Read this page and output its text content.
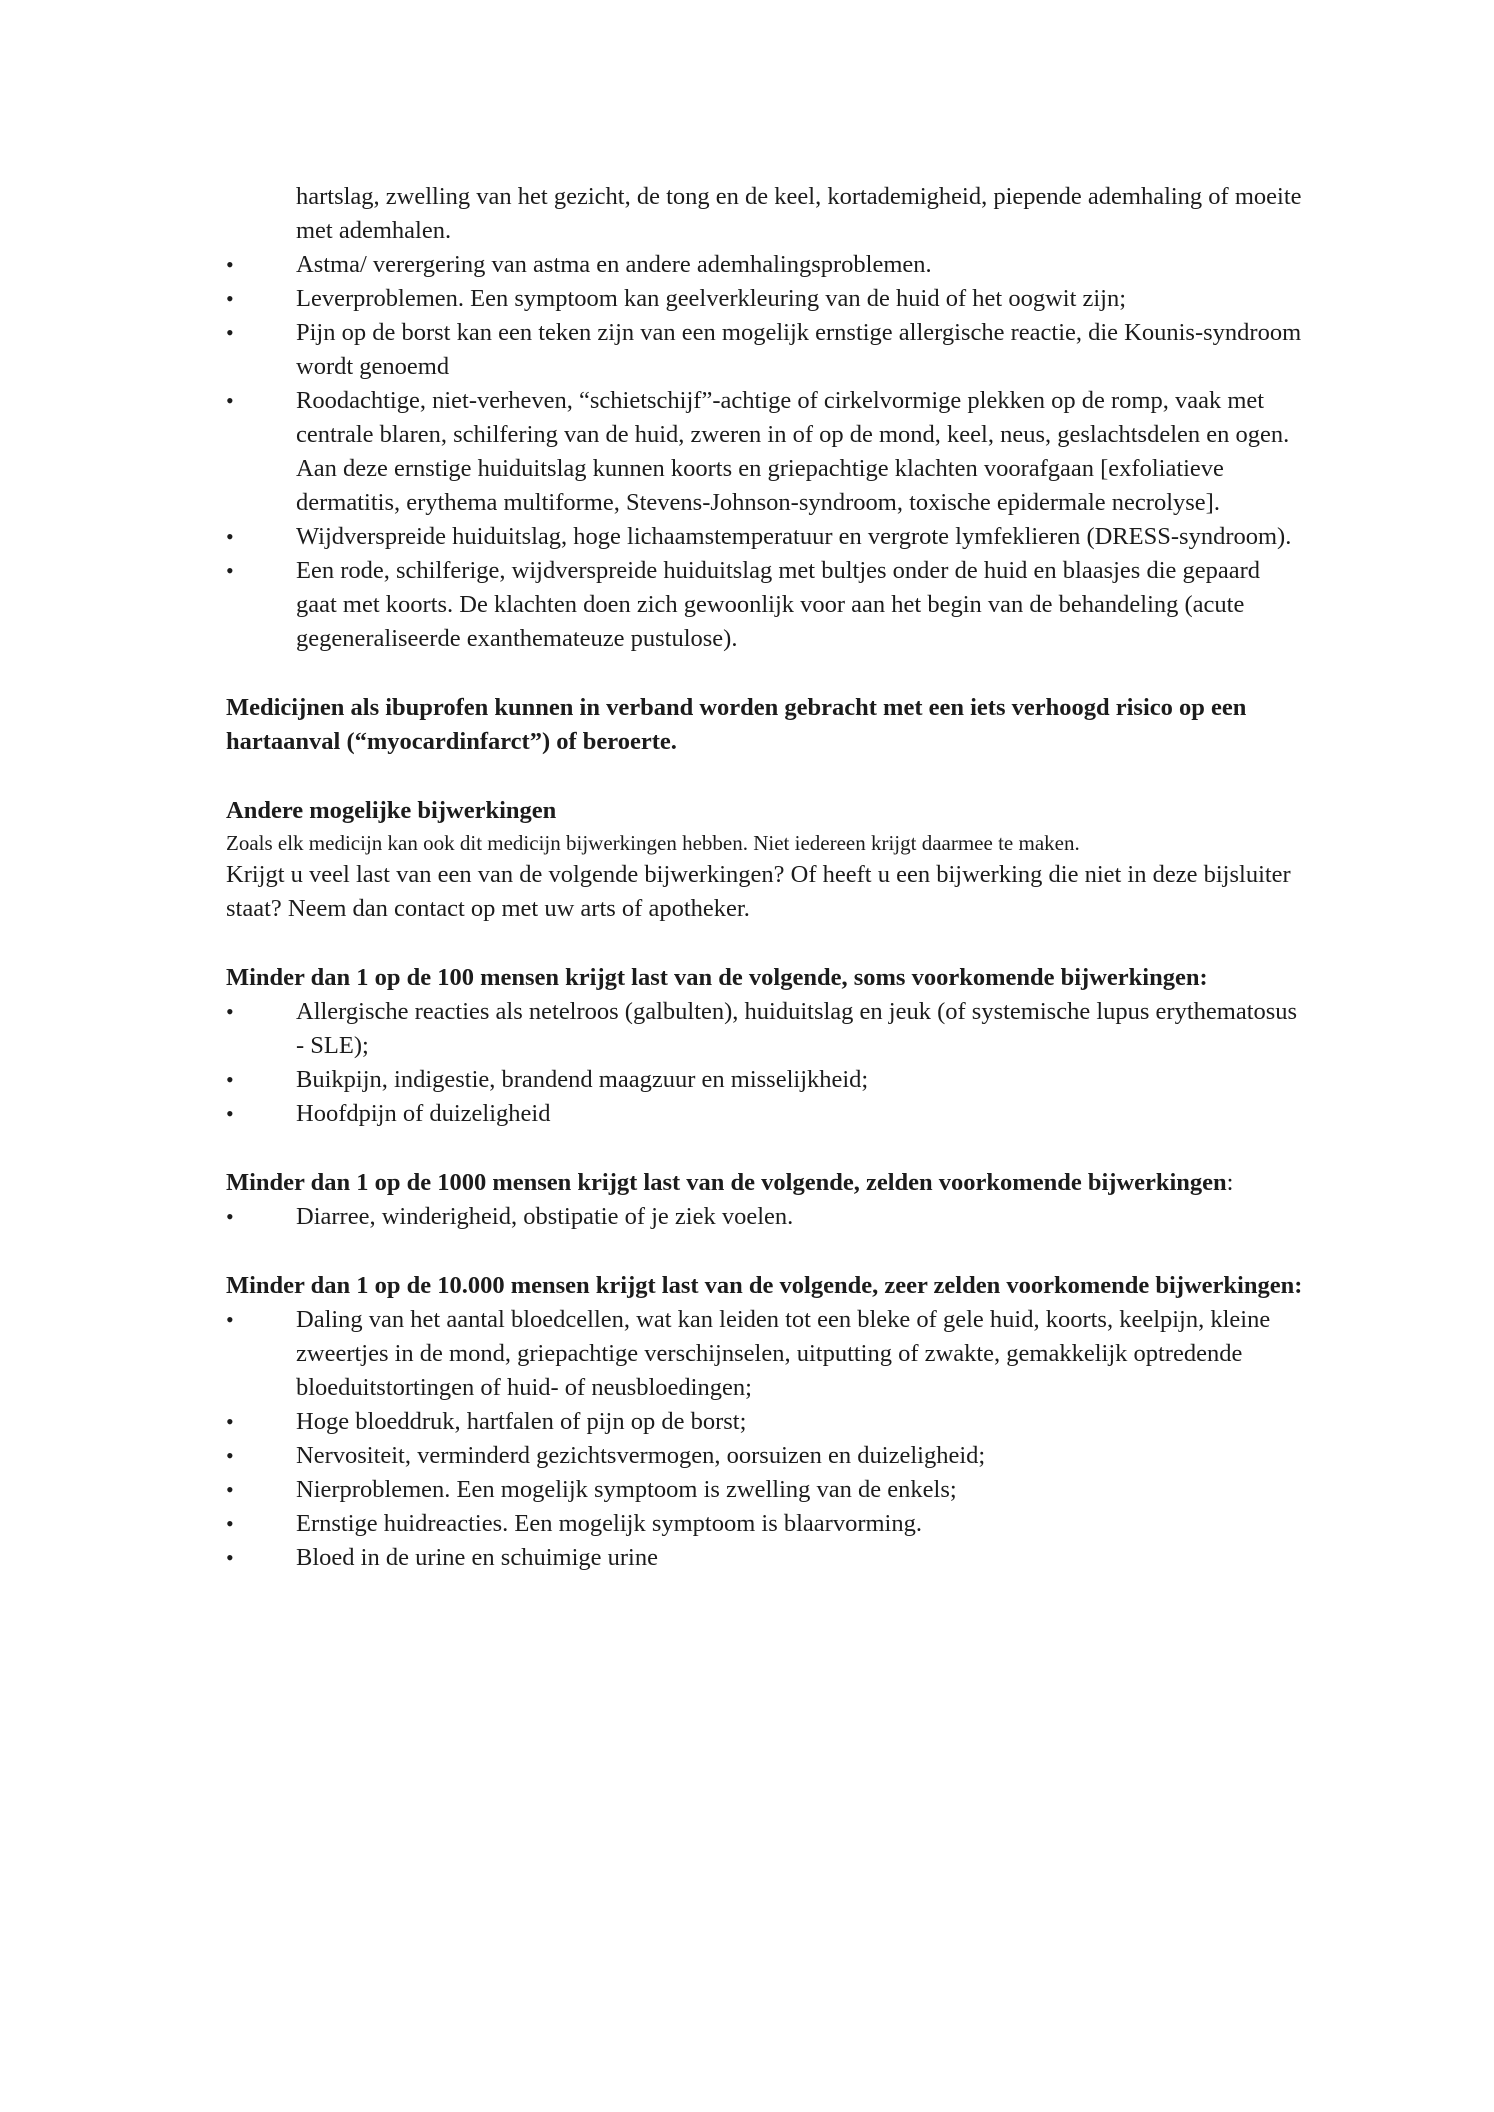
hartslag, zwelling van het gezicht, de tong en de keel, kortademigheid, piepende ademhaling of moeite met ademhalen.
• Astma/ verergering van astma en andere ademhalingsproblemen.
• Leverproblemen. Een symptoom kan geelverkleuring van de huid of het oogwit zijn;
• Pijn op de borst kan een teken zijn van een mogelijk ernstige allergische reactie, die Kounis-syndroom wordt genoemd
• Roodachtige, niet-verheven, “schietschijf”-achtige of cirkelvormige plekken op de romp, vaak met centrale blaren, schilfering van de huid, zweren in of op de mond, keel, neus, geslachtsdelen en ogen. Aan deze ernstige huiduitslag kunnen koorts en griepachtige klachten voorafgaan [exfoliatieve dermatitis, erythema multiforme, Stevens-Johnson-syndroom, toxische epidermale necrolyse].
• Wijdverspreide huiduitslag, hoge lichaamstemperatuur en vergrote lymfeklieren (DRESS-syndroom).
• Een rode, schilferige, wijdverspreide huiduitslag met bultjes onder de huid en blaasjes die gepaard gaat met koorts. De klachten doen zich gewoonlijk voor aan het begin van de behandeling (acute gegeneraliseerde exanthemateuze pustulose).

Medicijnen als ibuprofen kunnen in verband worden gebracht met een iets verhoogd risico op een hartaanval (“myocardinfarct”) of beroerte.

Andere mogelijke bijwerkingen

Zoals elk medicijn kan ook dit medicijn bijwerkingen hebben. Niet iedereen krijgt daarmee te maken.

Krijgt u veel last van een van de volgende bijwerkingen? Of heeft u een bijwerking die niet in deze bijsluiter staat? Neem dan contact op met uw arts of apotheker.

Minder dan 1 op de 100 mensen krijgt last van de volgende, soms voorkomende bijwerkingen:

• Allergische reacties als netelroos (galbulten), huiduitslag en jeuk (of systemische lupus erythematosus - SLE);
• Buikpijn, indigestie, brandend maagzuur en misselijkheid;
• Hoofdpijn of duizeligheid

Minder dan 1 op de 1000 mensen krijgt last van de volgende, zelden voorkomende bijwerkingen:

• Diarree, winderigheid, obstipatie of je ziek voelen.

Minder dan 1 op de 10.000 mensen krijgt last van de volgende, zeer zelden voorkomende bijwerkingen:

• Daling van het aantal bloedcellen, wat kan leiden tot een bleke of gele huid, koorts, keelpijn, kleine zweertjes in de mond, griepachtige verschijnselen, uitputting of zwakte, gemakkelijk optredende bloeduitstortingen of huid- of neusbloedingen;
• Hoge bloeddruk, hartfalen of pijn op de borst;
• Nervositeit, verminderd gezichtsvermogen, oorsuizen en duizeligheid;
• Nierproblemen. Een mogelijk symptoom is zwelling van de enkels;
• Ernstige huidreacties. Een mogelijk symptoom is blaarvorming.
• Bloed in de urine en schuimige urine
